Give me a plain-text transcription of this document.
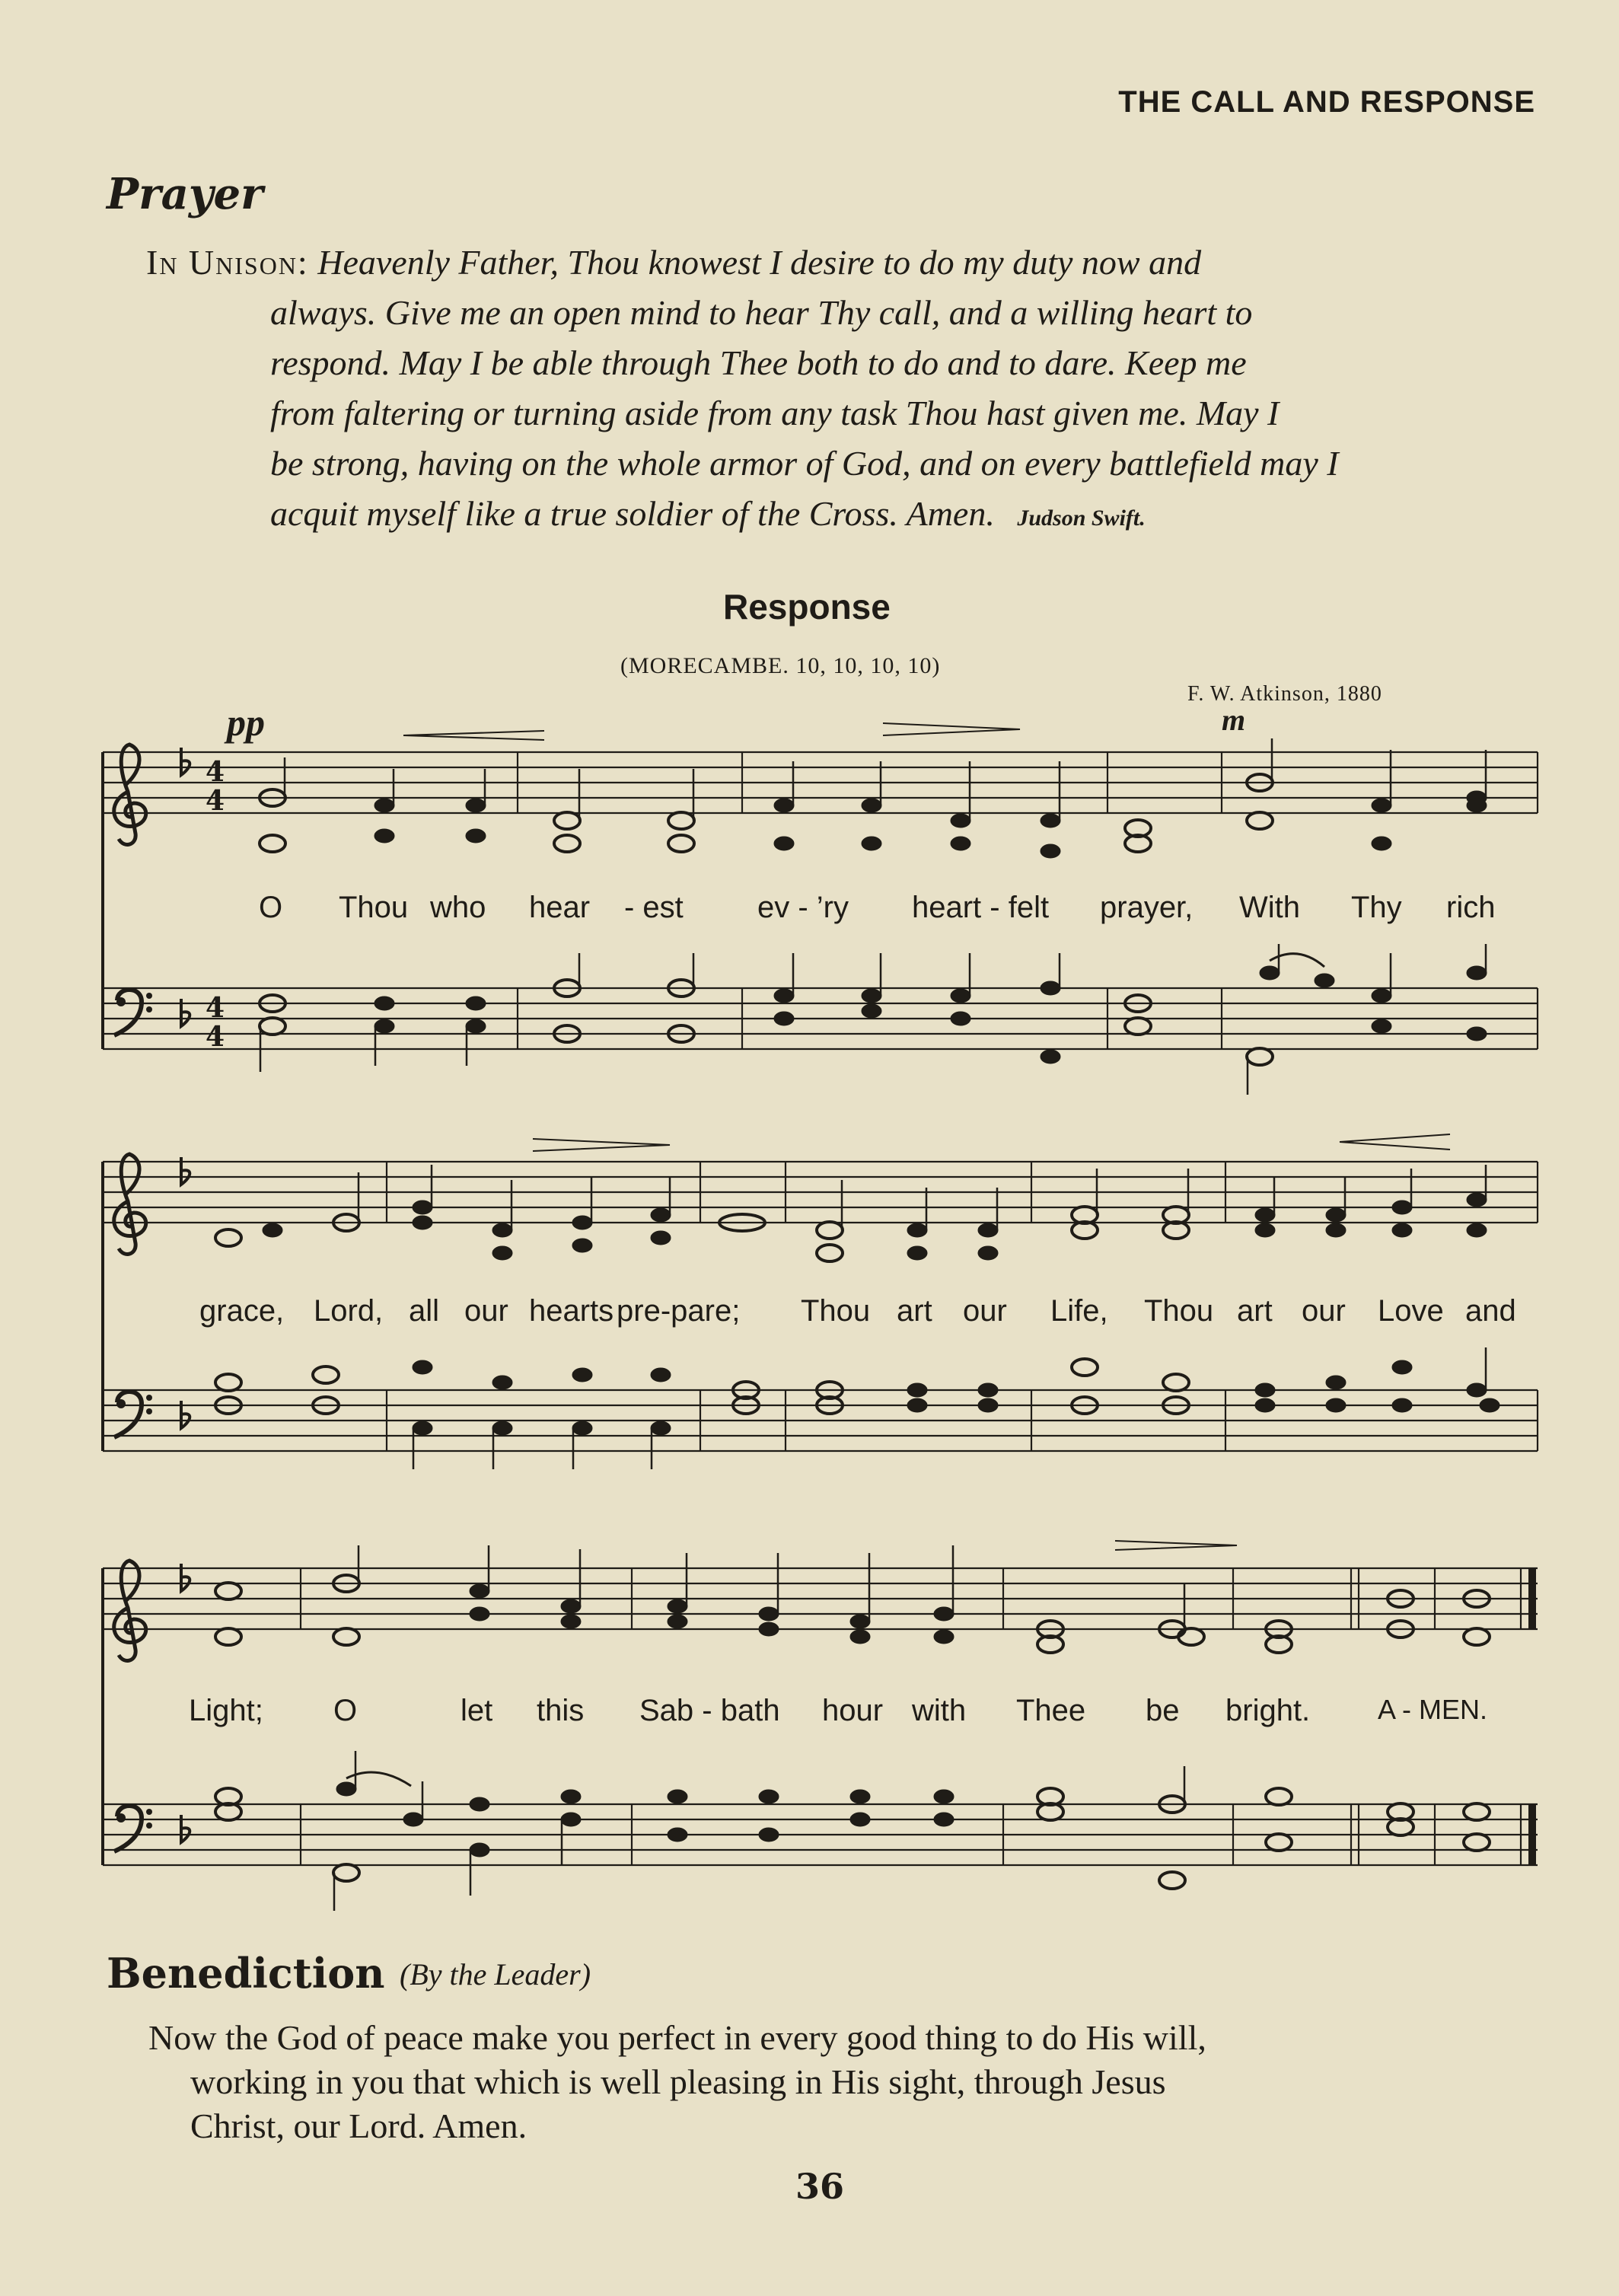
THE CALL AND RESPONSE
Prayer
In Unison: Heavenly Father, Thou knowest I desire to do my duty now and
always. Give me an open mind to hear Thy call, and a willing heart to
respond. May I be able through Thee both to do and to dare. Keep me
from faltering or turning aside from any task Thou hast given me. May I
be strong, having on the whole armor of God, and on every battlefield may I
acquit myself like a true soldier of the Cross. Amen. Judson Swift.
Response
(MORECAMBE. 10, 10, 10, 10)
F. W. Atkinson, 1880
pp	m
4
4
4
4
O Thou who hear - est ev - ’ry heart - felt prayer, With Thy rich
grace, Lord, all our hearts pre-pare; Thou art our Life, Thou art our Love and
Light; O	let this Sab - bath hour with Thee be bright. A - MEN.
Benediction (By the Leader)
Now the God of peace make you perfect in every good thing to do His will,
working in you that which is well pleasing in His sight, through Jesus
Christ, our Lord. Amen.
36
